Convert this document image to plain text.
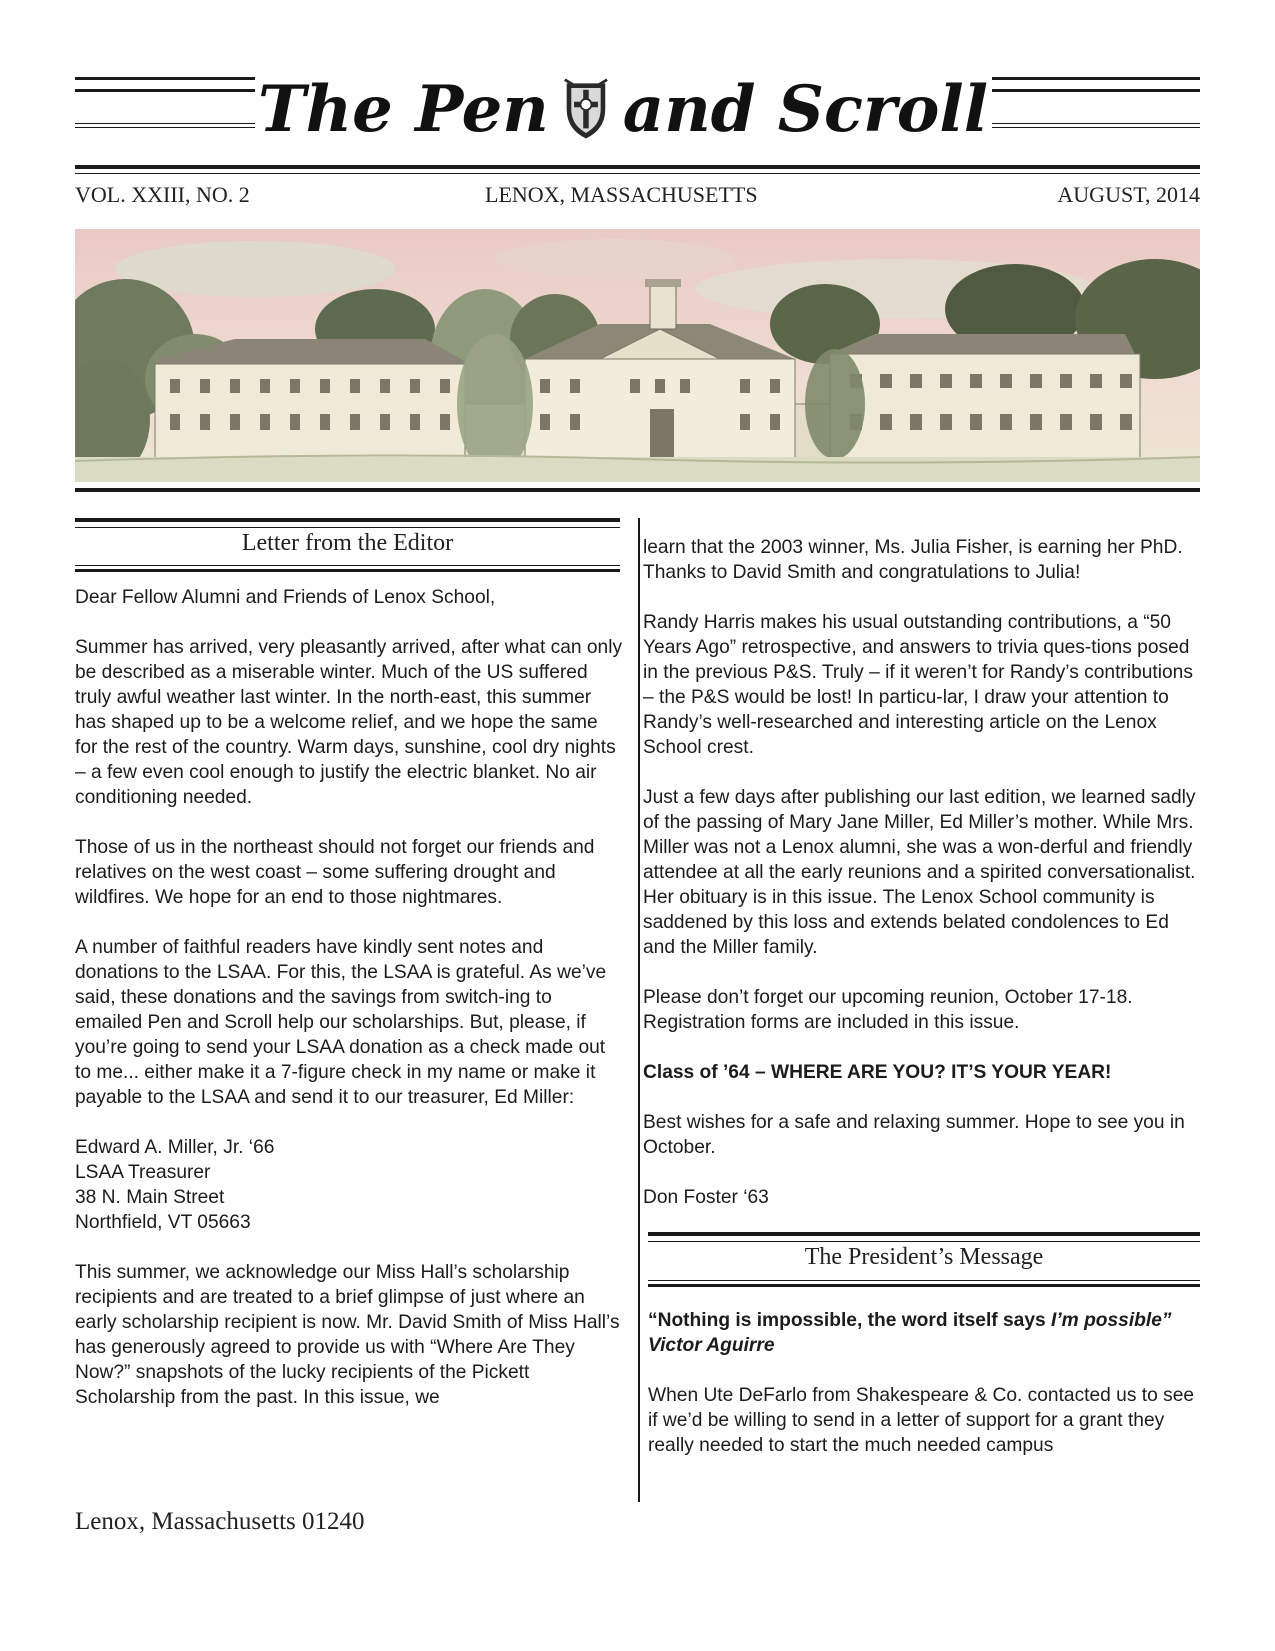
The Pen and Scroll
VOL. XXIII, NO. 2	LENOX, MASSACHUSETTS	AUGUST, 2014
Letter from the Editor

Dear Fellow Alumni and Friends of Lenox School,

Summer has arrived, very pleasantly arrived, after what can only be described as a miserable winter. Much of the US suffered truly awful weather last winter. In the north-east, this summer has shaped up to be a welcome relief, and we hope the same for the rest of the country. Warm days, sunshine, cool dry nights – a few even cool enough to justify the electric blanket. No air conditioning needed.

Those of us in the northeast should not forget our friends and relatives on the west coast – some suffering drought and wildfires. We hope for an end to those nightmares.

A number of faithful readers have kindly sent notes and donations to the LSAA. For this, the LSAA is grateful. As we’ve said, these donations and the savings from switch-ing to emailed Pen and Scroll help our scholarships. But, please, if you’re going to send your LSAA donation as a check made out to me... either make it a 7-figure check in my name or make it payable to the LSAA and send it to our treasurer, Ed Miller:

Edward A. Miller, Jr. ‘66

LSAA Treasurer

38 N. Main Street

Northfield, VT 05663

This summer, we acknowledge our Miss Hall’s scholarship recipients and are treated to a brief glimpse of just where an early scholarship recipient is now. Mr. David Smith of Miss Hall’s has generously agreed to provide us with “Where Are They Now?” snapshots of the lucky recipients of the Pickett Scholarship from the past. In this issue, we

learn that the 2003 winner, Ms. Julia Fisher, is earning her PhD. Thanks to David Smith and congratulations to Julia!

Randy Harris makes his usual outstanding contributions, a “50 Years Ago” retrospective, and answers to trivia ques-tions posed in the previous P&S. Truly – if it weren’t for Randy’s contributions – the P&S would be lost! In particu-lar, I draw your attention to Randy’s well-researched and interesting article on the Lenox School crest.

Just a few days after publishing our last edition, we learned sadly of the passing of Mary Jane Miller, Ed Miller’s mother. While Mrs. Miller was not a Lenox alumni, she was a won-derful and friendly attendee at all the early reunions and a spirited conversationalist. Her obituary is in this issue. The Lenox School community is saddened by this loss and extends belated condolences to Ed and the Miller family.

Please don’t forget our upcoming reunion, October 17-18. Registration forms are included in this issue.

Class of ’64 – WHERE ARE YOU? IT’S YOUR YEAR!

Best wishes for a safe and relaxing summer. Hope to see you in October.

Don Foster ‘63

The President’s Message

“Nothing is impossible, the word itself says I’m possible”
Victor Aguirre

When Ute DeFarlo from Shakespeare & Co. contacted us to see if we’d be willing to send in a letter of support for a grant they really needed to start the much needed campus

Lenox, Massachusetts 01240
